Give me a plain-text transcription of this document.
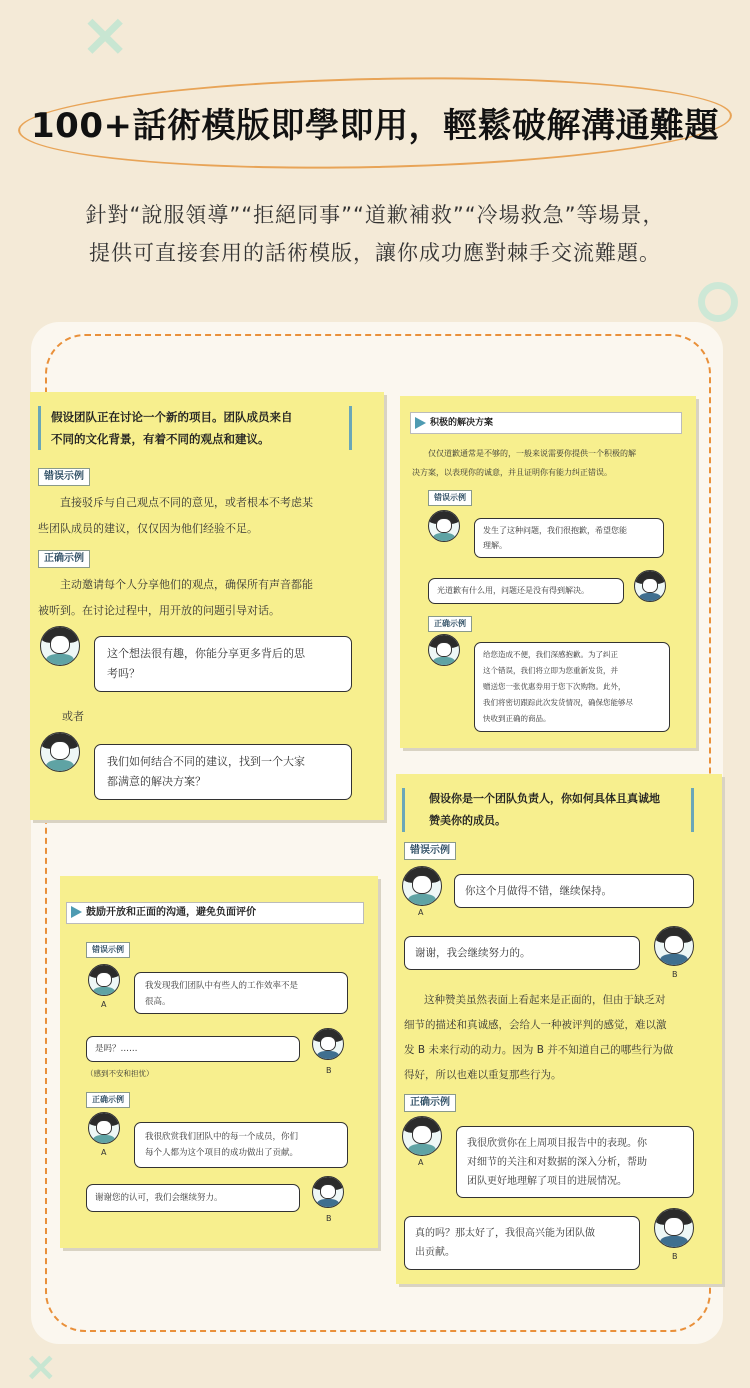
×
×
100+話術模版即學即用，輕鬆破解溝通難題
針對“說服領導”“拒絕同事”“道歉補救”“冷場救急”等場景，
提供可直接套用的話術模版，讓你成功應對棘手交流難題。
假设团队正在讨论一个新的项目。团队成员来自
不同的文化背景，有着不同的观点和建议。
错误示例
直接驳斥与自己观点不同的意见，或者根本不考虑某
些团队成员的建议，仅仅因为他们经验不足。
正确示例
主动邀请每个人分享他们的观点，确保所有声音都能
被听到。在讨论过程中，用开放的问题引导对话。
这个想法很有趣，你能分享更多背后的思
考吗？
或者
我们如何结合不同的建议，找到一个大家
都满意的解决方案？
积极的解决方案
仅仅道歉通常是不够的，一般来说需要你提供一个积极的解
决方案，以表现你的诚意，并且证明你有能力纠正错误。
错误示例
发生了这种问题，我们很抱歉，希望您能
理解。
光道歉有什么用，问题还是没有得到解决。
正确示例
给您造成不便，我们深感抱歉。为了纠正
这个错误，我们将立即为您重新发货，并
赠送您一张优惠券用于您下次购物。此外，
我们将密切跟踪此次发货情况，确保您能够尽
快收到正确的商品。
鼓励开放和正面的沟通，避免负面评价
错误示例
A
我发现我们团队中有些人的工作效率不是
很高。
是吗？……
（感到不安和担忧）	B
正确示例
A
我很欣赏我们团队中的每一个成员，你们
每个人都为这个项目的成功做出了贡献。
谢谢您的认可，我们会继续努力。
B
假设你是一个团队负责人，你如何具体且真诚地
赞美你的成员。
错误示例
A
你这个月做得不错，继续保持。
谢谢，我会继续努力的。
B
这种赞美虽然表面上看起来是正面的，但由于缺乏对
细节的描述和真诚感，会给人一种被评判的感觉，难以激
发 B 未来行动的动力。因为 B 并不知道自己的哪些行为做
得好，所以也难以重复那些行为。
正确示例
A
我很欣赏你在上周项目报告中的表现。你
对细节的关注和对数据的深入分析，帮助
团队更好地理解了项目的进展情况。
真的吗？那太好了，我很高兴能为团队做
出贡献。	B
